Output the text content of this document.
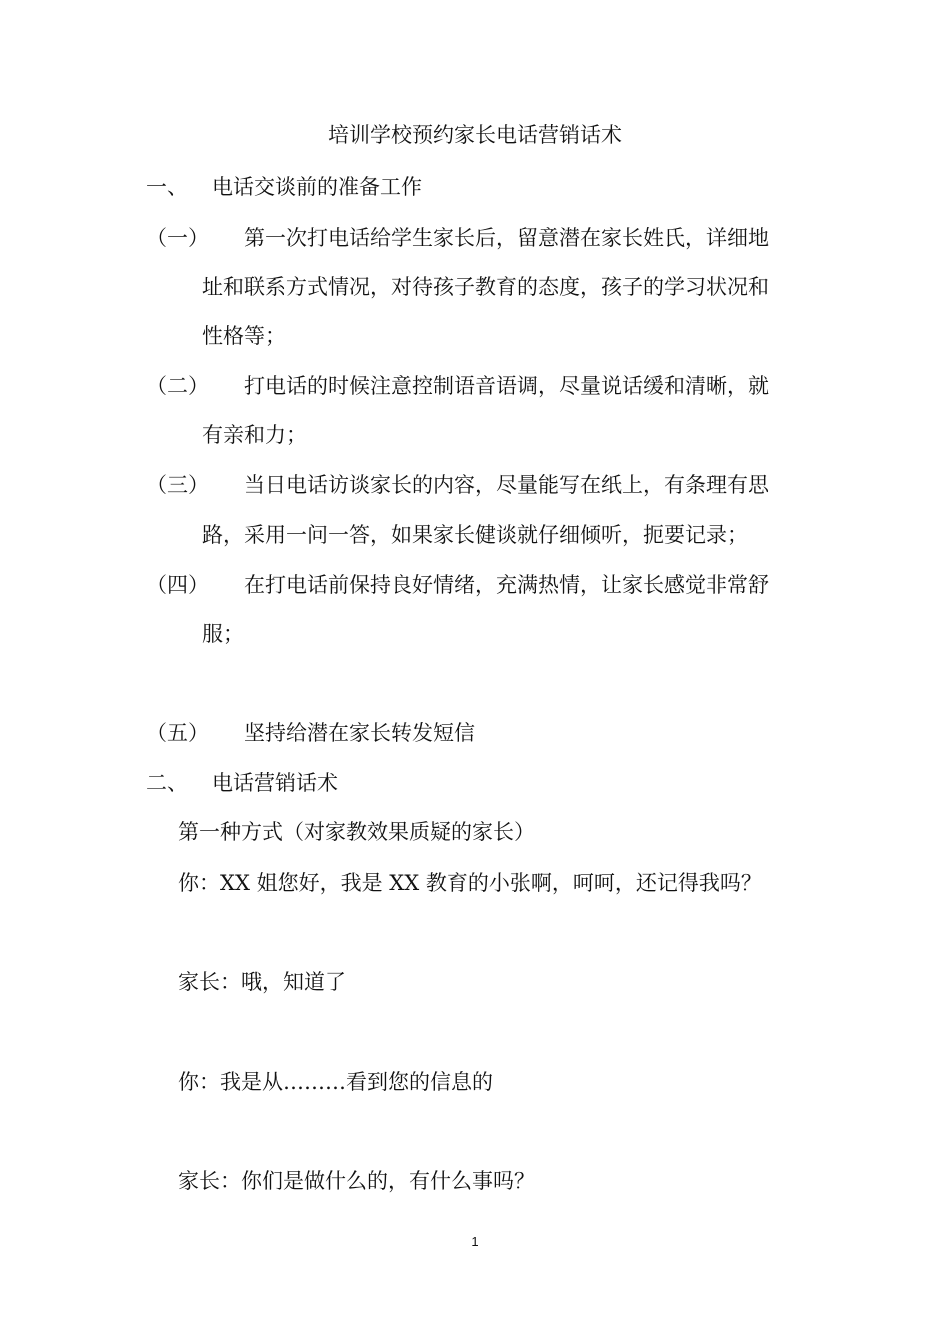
培训学校预约家长电话营销话术
一、	电话交谈前的准备工作
（一）	第一次打电话给学生家长后，留意潜在家长姓氏，详细地
址和联系方式情况，对待孩子教育的态度，孩子的学习状况和
性格等；
（二）	打电话的时候注意控制语音语调，尽量说话缓和清晰，就
有亲和力；
（三）	当日电话访谈家长的内容，尽量能写在纸上，有条理有思
路，采用一问一答，如果家长健谈就仔细倾听，扼要记录；
（四）	在打电话前保持良好情绪，充满热情，让家长感觉非常舒
服；
（五）	坚持给潜在家长转发短信
二、	电话营销话术
第一种方式（对家教效果质疑的家长）
你：XX 姐您好，我是 XX 教育的小张啊，呵呵，还记得我吗？
家长：哦，知道了
你：我是从………看到您的信息的
家长：你们是做什么的，有什么事吗？
1
